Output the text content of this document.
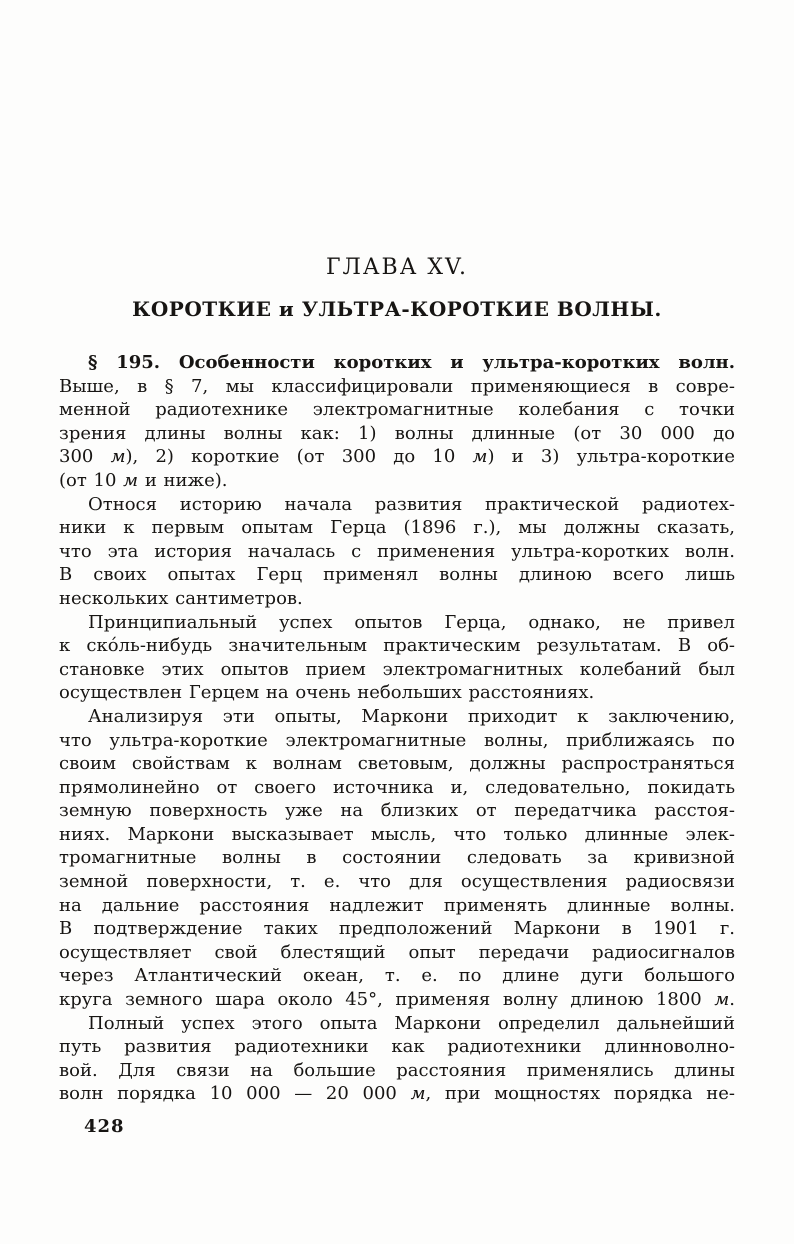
ГЛАВА XV.
КОРОТКИЕ и УЛЬТРА-КОРОТКИЕ ВОЛНЫ.
§ 195. Особенности коротких и ультра-коротких волн.
Выше, в § 7, мы классифицировали применяющиеся в совре-
менной радиотехнике электромагнитные колебания с точки
зрения длины волны как: 1) волны длинные (от 30 000 до
300 м), 2) короткие (от 300 до 10 м) и 3) ультра-короткие
(от 10 м и ниже).
Относя историю начала развития практической радиотех-
ники к первым опытам Герца (1896 г.), мы должны сказать,
что эта история началась с применения ультра-коротких волн.
В своих опытах Герц применял волны длиною всего лишь
нескольких сантиметров.
Принципиальный успех опытов Герца, однако, не привел
к ско́ль-нибудь значительным практическим результатам. В об-
становке этих опытов прием электромагнитных колебаний был
осуществлен Герцем на очень небольших расстояниях.
Анализируя эти опыты, Маркони приходит к заключению,
что ультра-короткие электромагнитные волны, приближаясь по
своим свойствам к волнам световым, должны распространяться
прямолинейно от своего источника и, следовательно, покидать
земную поверхность уже на близких от передатчика расстоя-
ниях. Маркони высказывает мысль, что только длинные элек-
тромагнитные волны в состоянии следовать за кривизной
земной поверхности, т. е. что для осуществления радиосвязи
на дальние расстояния надлежит применять длинные волны.
В подтверждение таких предположений Маркони в 1901 г.
осуществляет свой блестящий опыт передачи радиосигналов
через Атлантический океан, т. е. по длине дуги большого
круга земного шара около 45°, применяя волну длиною 1800 м.
Полный успех этого опыта Маркони определил дальнейший
путь развития радиотехники как радиотехники длинноволно-
вой. Для связи на большие расстояния применялись длины
волн порядка 10 000 — 20 000 м, при мощностях порядка не-
428
